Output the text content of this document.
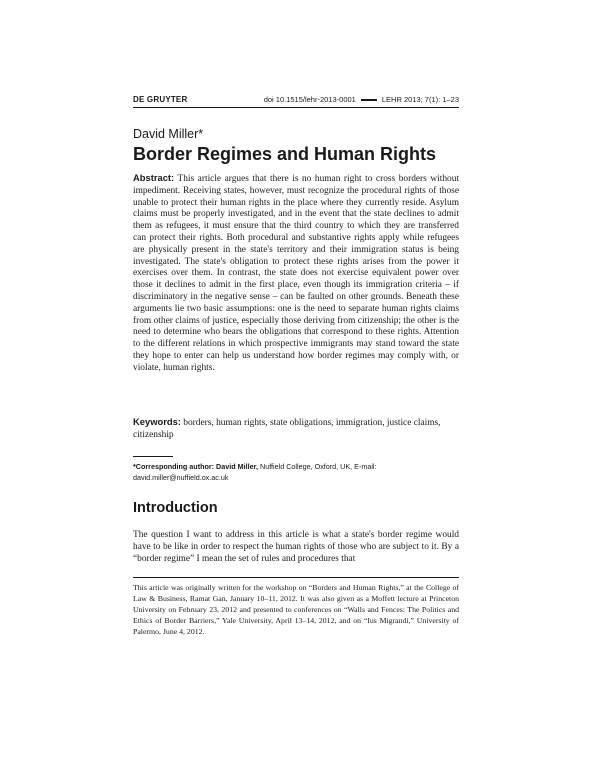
DE GRUYTER	doi 10.1515/lehr-2013-0001	LEHR 2013; 7(1): 1–23
David Miller*
Border Regimes and Human Rights

Abstract: This article argues that there is no human right to cross borders without impediment. Receiving states, however, must recognize the procedural rights of those unable to protect their human rights in the place where they currently reside. Asylum claims must be properly investigated, and in the event that the state declines to admit them as refugees, it must ensure that the third country to which they are transferred can protect their rights. Both procedural and substantive rights apply while refugees are physically present in the state's territory and their immigration status is being investigated. The state's obligation to protect these rights arises from the power it exercises over them. In contrast, the state does not exercise equivalent power over those it declines to admit in the first place, even though its immigration criteria – if discriminatory in the negative sense – can be faulted on other grounds. Beneath these arguments lie two basic assumptions: one is the need to separate human rights claims from other claims of justice, especially those deriving from citizenship; the other is the need to determine who bears the obligations that correspond to these rights. Attention to the different relations in which prospective immigrants may stand toward the state they hope to enter can help us understand how border regimes may comply with, or violate, human rights.

Keywords: borders, human rights, state obligations, immigration, justice claims, citizenship

*Corresponding author: David Miller, Nuffield College, Oxford, UK, E-mail: david.miller@nuffield.ox.ac.uk

Introduction

The question I want to address in this article is what a state's border regime would have to be like in order to respect the human rights of those who are subject to it. By a “border regime” I mean the set of rules and procedures that

This article was originally written for the workshop on “Borders and Human Rights,” at the College of Law & Business, Ramat Gan, January 10–11, 2012. It was also given as a Moffett lecture at Princeton University on February 23, 2012 and presented to conferences on “Walls and Fences: The Politics and Ethics of Border Barriers,” Yale University, April 13–14, 2012, and on “Ius Migrandi,” University of Palermo, June 4, 2012.
